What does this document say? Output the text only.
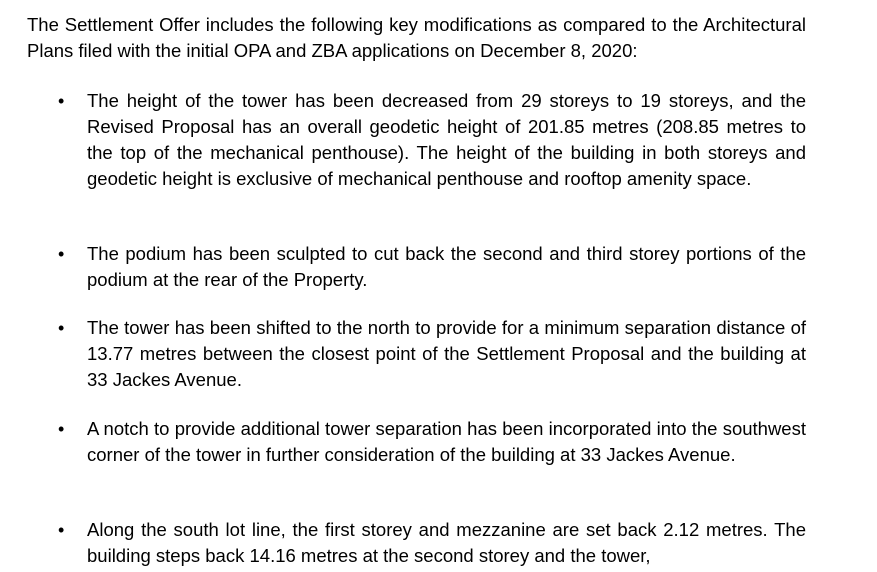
The Settlement Offer includes the following key modifications as compared to the Architectural Plans filed with the initial OPA and ZBA applications on December 8, 2020:

• The height of the tower has been decreased from 29 storeys to 19 storeys, and the Revised Proposal has an overall geodetic height of 201.85 metres (208.85 metres to the top of the mechanical penthouse). The height of the building in both storeys and geodetic height is exclusive of mechanical penthouse and rooftop amenity space.
• The podium has been sculpted to cut back the second and third storey portions of the podium at the rear of the Property.
• The tower has been shifted to the north to provide for a minimum separation distance of 13.77 metres between the closest point of the Settlement Proposal and the building at 33 Jackes Avenue.
• A notch to provide additional tower separation has been incorporated into the southwest corner of the tower in further consideration of the building at 33 Jackes Avenue.
• Along the south lot line, the first storey and mezzanine are set back 2.12 metres. The building steps back 14.16 metres at the second storey and the tower,
